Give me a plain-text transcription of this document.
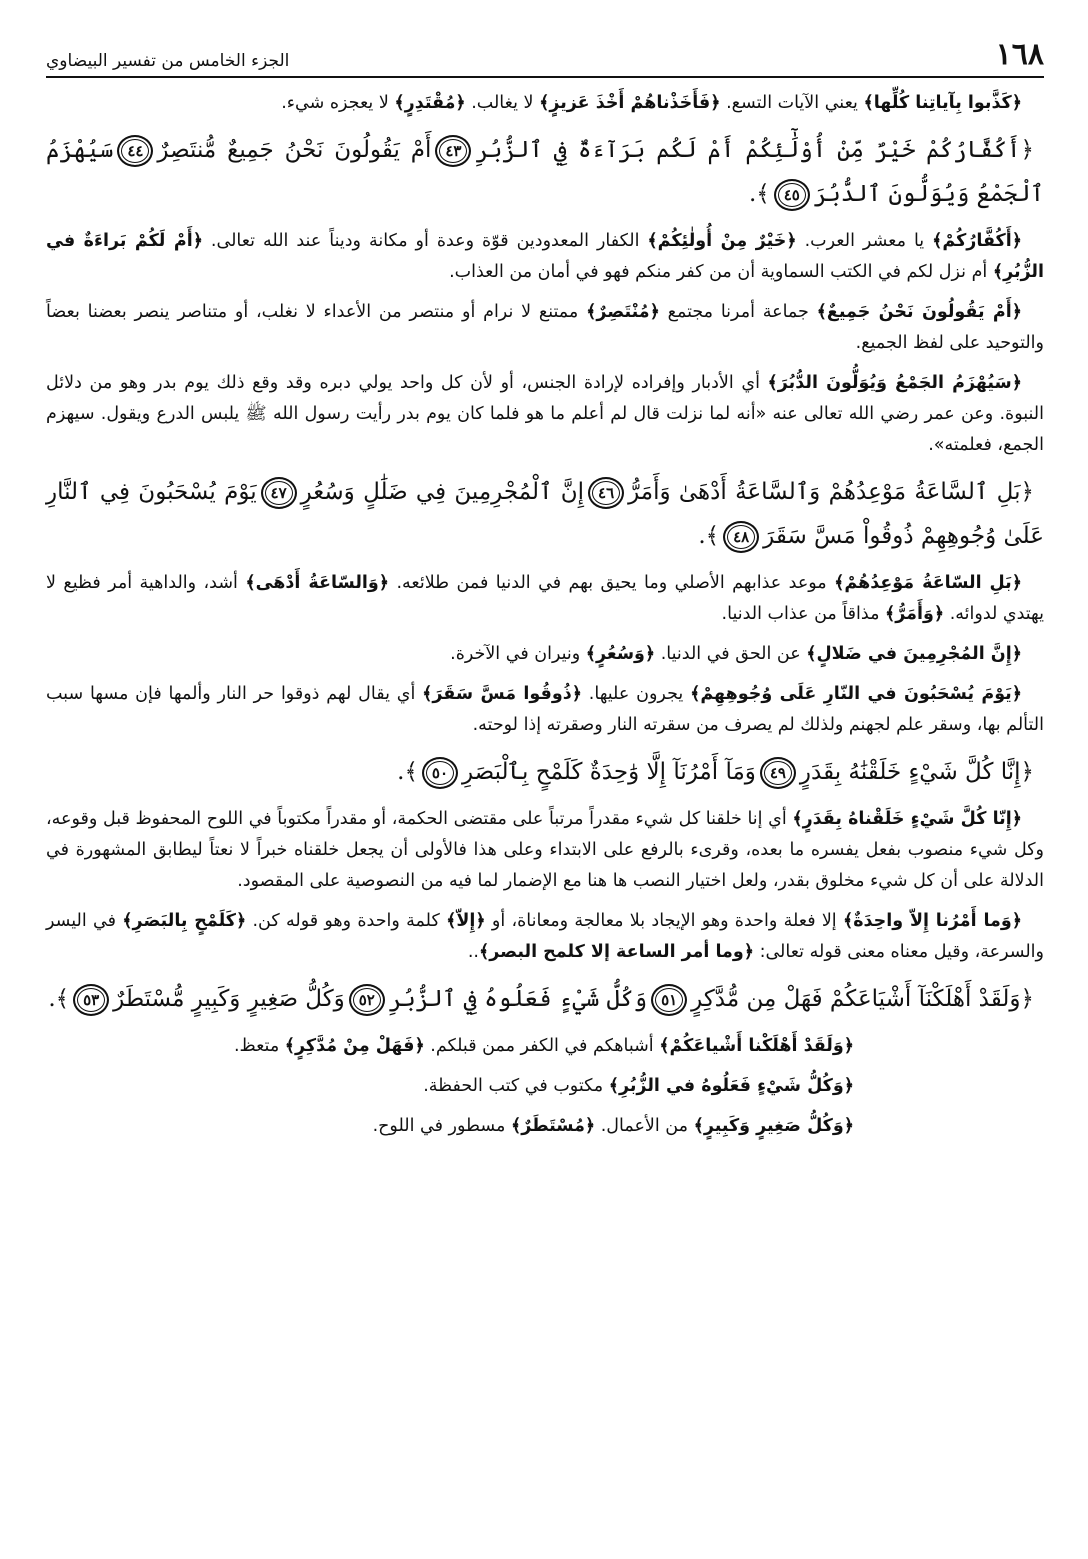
١٦٨
الجزء الخامس من تفسير البيضاوي

﴿كَذَّبوا بِآياتِنا كُلِّها﴾ يعني الآيات التسع. ﴿فَأَخَذْناهُمْ أَخْذَ عَزيزٍ﴾ لا يغالب. ﴿مُقْتَدِرٍ﴾ لا يعجزه شيء.

﴿أَكُفَّارُكُمْ خَيْرٌ مِّنْ أُوْلَٰٓئِكُمْ أَمْ لَكُم بَرَآءَةٌ فِي ٱلزُّبُرِ٤٣أَمْ يَقُولُونَ نَحْنُ جَمِيعٌ مُّنتَصِرٌ٤٤سَيُهْزَمُ ٱلْجَمْعُ وَيُوَلُّونَ ٱلدُّبُرَ٤٥﴾.

﴿أَكُفَّارُكُمْ﴾ يا معشر العرب. ﴿خَيْرٌ مِنْ أُولٰئِكُمْ﴾ الكفار المعدودين قوّة وعدة أو مكانة وديناً عند الله تعالى. ﴿أَمْ لَكُمْ بَراءَةٌ في الزُّبُرِ﴾ أم نزل لكم في الكتب السماوية أن من كفر منكم فهو في أمان من العذاب.

﴿أَمْ يَقُولُونَ نَحْنُ جَمِيعٌ﴾ جماعة أمرنا مجتمع ﴿مُنْتَصِرٌ﴾ ممتنع لا نرام أو منتصر من الأعداء لا نغلب، أو متناصر ينصر بعضنا بعضاً والتوحيد على لفظ الجميع.

﴿سَيُهْزَمُ الجَمْعُ وَيُوَلُّونَ الدُّبُرَ﴾ أي الأدبار وإفراده لإرادة الجنس، أو لأن كل واحد يولي دبره وقد وقع ذلك يوم بدر وهو من دلائل النبوة. وعن عمر رضي الله تعالى عنه «أنه لما نزلت قال لم أعلم ما هو فلما كان يوم بدر رأيت رسول الله ﷺ يلبس الدرع ويقول. سيهزم الجمع، فعلمته».

﴿بَلِ ٱلسَّاعَةُ مَوْعِدُهُمْ وَٱلسَّاعَةُ أَدْهَىٰ وَأَمَرُّ٤٦إِنَّ ٱلْمُجْرِمِينَ فِي ضَلَٰلٍ وَسُعُرٍ٤٧يَوْمَ يُسْحَبُونَ فِي ٱلنَّارِ عَلَىٰ وُجُوهِهِمْ ذُوقُواْ مَسَّ سَقَرَ٤٨﴾.

﴿بَلِ السّاعَةُ مَوْعِدُهُمْ﴾ موعد عذابهم الأصلي وما يحيق بهم في الدنيا فمن طلائعه. ﴿وَالسّاعَةُ أَدْهَى﴾ أشد، والداهية أمر فظيع لا يهتدي لدوائه. ﴿وَأَمَرُّ﴾ مذاقاً من عذاب الدنيا.

﴿إِنَّ المُجْرِمِينَ في ضَلالٍ﴾ عن الحق في الدنيا. ﴿وَسُعُرٍ﴾ ونيران في الآخرة.

﴿يَوْمَ يُسْحَبُونَ في النّارِ عَلَى وُجُوهِهِمْ﴾ يجرون عليها. ﴿ذُوقُوا مَسَّ سَقَرَ﴾ أي يقال لهم ذوقوا حر النار وألمها فإن مسها سبب التألم بها، وسقر علم لجهنم ولذلك لم يصرف من سقرته النار وصقرته إذا لوحته.

﴿إِنَّا كُلَّ شَيْءٍ خَلَقْنَٰهُ بِقَدَرٍ٤٩وَمَآ أَمْرُنَآ إِلَّا وَٰحِدَةٌ كَلَمْحٍ بِٱلْبَصَرِ٥٠﴾.

﴿إِنّا كُلَّ شَيْءٍ خَلَقْناهُ بِقَدَرٍ﴾ أي إنا خلقنا كل شيء مقدراً مرتباً على مقتضى الحكمة، أو مقدراً مكتوباً في اللوح المحفوظ قبل وقوعه، وكل شيء منصوب بفعل يفسره ما بعده، وقرىء بالرفع على الابتداء وعلى هذا فالأولى أن يجعل خلقناه خبراً لا نعتاً ليطابق المشهورة في الدلالة على أن كل شيء مخلوق بقدر، ولعل اختيار النصب ها هنا مع الإضمار لما فيه من النصوصية على المقصود.

﴿وَما أَمْرُنا إِلاّ واحِدَةٌ﴾ إلا فعلة واحدة وهو الإيجاد بلا معالجة ومعاناة، أو ﴿إِلاّ﴾ كلمة واحدة وهو قوله كن. ﴿كَلَمْحٍ بِالبَصَرِ﴾ في اليسر والسرعة، وقيل معناه معنى قوله تعالى: ﴿وما أمر الساعة إلا كلمح البصر﴾..

﴿وَلَقَدْ أَهْلَكْنَآ أَشْيَاعَكُمْ فَهَلْ مِن مُّدَّكِرٍ٥١وَكُلُّ شَيْءٍ فَعَلُوهُ فِي ٱلزُّبُرِ٥٢وَكُلُّ صَغِيرٍ وَكَبِيرٍ مُّسْتَطَرٌ٥٣﴾.

﴿وَلَقَدْ أَهْلَكْنا أَشْياعَكُمْ﴾ أشباهكم في الكفر ممن قبلكم. ﴿فَهَلْ مِنْ مُدَّكِرٍ﴾ متعظ.

﴿وَكُلُّ شَيْءٍ فَعَلُوهُ في الزُّبُرِ﴾ مكتوب في كتب الحفظة.

﴿وَكُلُّ صَغِيرٍ وَكَبِيرٍ﴾ من الأعمال. ﴿مُسْتَطَرٌ﴾ مسطور في اللوح.
